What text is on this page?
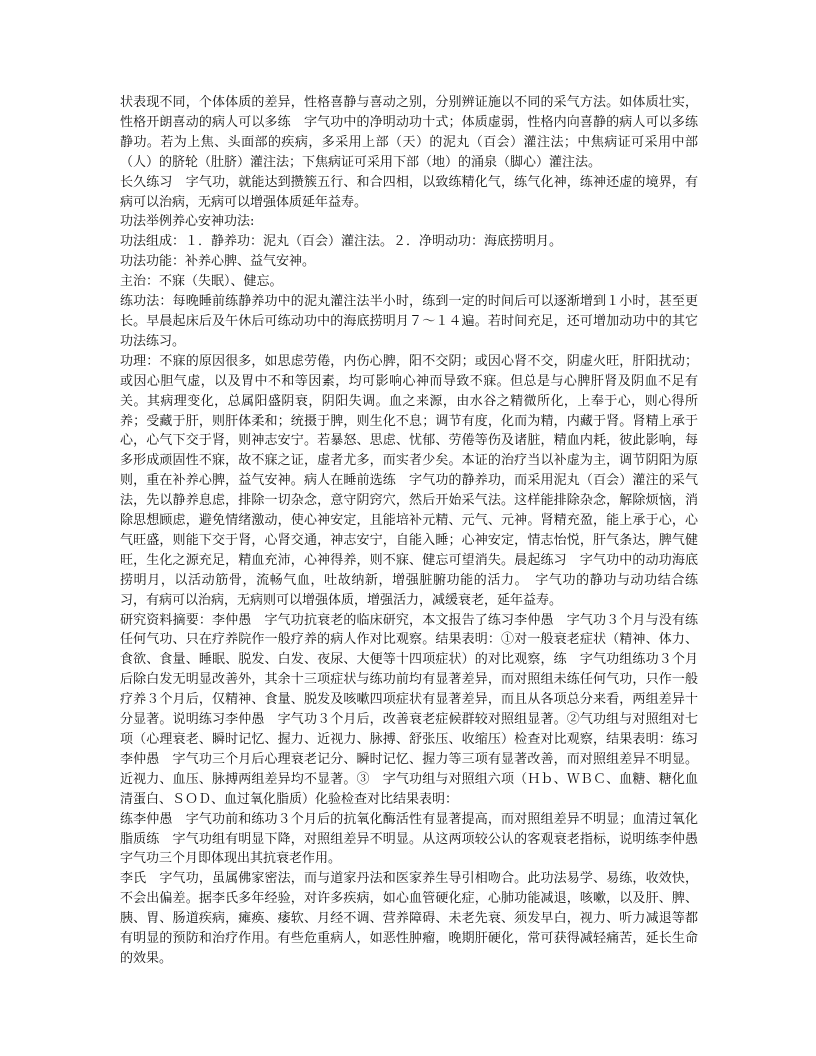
状表现不同，个体体质的差异，性格喜静与喜动之别，分别辨证施以不同的采气方法。如体质壮实，性格开朗喜动的病人可以多练　字气功中的净明动功十式；体质虚弱，性格内向喜静的病人可以多练静功。若为上焦、头面部的疾病，多采用上部（天）的泥丸（百会）灌注法；中焦病证可采用中部（人）的脐轮（肚脐）灌注法；下焦病证可采用下部（地）的涌泉（脚心）灌注法。

长久练习　字气功，就能达到攒簇五行、和合四相，以致练精化气，练气化神，练神还虚的境界，有病可以治病，无病可以增强体质延年益寿。

功法举例养心安神功法:

功法组成：１．静养功：泥丸（百会）灌注法。２．净明动功：海底捞明月。

功法功能：补养心脾、益气安神。

主治：不寐（失眠）、健忘。

练功法：每晚睡前练静养功中的泥丸灌注法半小时，练到一定的时间后可以逐渐增到１小时，甚至更长。早晨起床后及午休后可练动功中的海底捞明月７～１４遍。若时间充足，还可增加动功中的其它功法练习。

功理：不寐的原因很多，如思虑劳倦，内伤心脾，阳不交阴；或因心肾不交，阴虚火旺，肝阳扰动；或因心胆气虚，以及胃中不和等因素，均可影响心神而导致不寐。但总是与心脾肝肾及阴血不足有关。其病理变化，总属阳盛阴衰，阴阳失调。血之来源，由水谷之精微所化，上奉于心，则心得所养；受藏于肝，则肝体柔和；统摄于脾，则生化不息；调节有度，化而为精，内藏于肾。肾精上承于心，心气下交于肾，则神志安宁。若暴怒、思虑、忧郁、劳倦等伤及诸脏，精血内耗，彼此影响，每多形成顽固性不寐，故不寐之证，虚者尤多，而实者少矣。本证的治疗当以补虚为主，调节阴阳为原则，重在补养心脾，益气安神。病人在睡前选练　字气功的静养功，而采用泥丸（百会）灌注的采气法，先以静养息虑，排除一切杂念，意守阴窍穴，然后开始采气法。这样能排除杂念，解除烦恼，消除思想顾虑，避免情绪激动，使心神安定，且能培补元精、元气、元神。肾精充盈，能上承于心，心气旺盛，则能下交于肾，心肾交通，神志安宁，自能入睡；心神安定，情志怡悦，肝气条达，脾气健旺，生化之源充足，精血充沛，心神得养，则不寐、健忘可望消失。晨起练习　字气功中的动功海底捞明月，以活动筋骨，流畅气血，吐故纳新，增强脏腑功能的活力。　字气功的静功与动功结合练习，有病可以治病，无病则可以增强体质，增强活力，减缓衰老，延年益寿。

研究资料摘要：李仲愚　字气功抗衰老的临床研究，本文报告了练习李仲愚　字气功３个月与没有练任何气功、只在疗养院作一般疗养的病人作对比观察。结果表明：①对一般衰老症状（精神、体力、食欲、食量、睡眠、脱发、白发、夜尿、大便等十四项症状）的对比观察，练　字气功组练功３个月后除白发无明显改善外，其余十三项症状与练功前均有显著差异，而对照组未练任何气功，只作一般疗养３个月后，仅精神、食量、脱发及咳嗽四项症状有显著差异，而且从各项总分来看，两组差异十分显著。说明练习李仲愚　字气功３个月后，改善衰老症候群较对照组显著。②气功组与对照组对七项（心理衰老、瞬时记忆、握力、近视力、脉搏、舒张压、收缩压）检查对比观察，结果表明：练习李仲愚　字气功三个月后心理衰老记分、瞬时记忆、握力等三项有显著改善，而对照组差异不明显。近视力、血压、脉搏两组差异均不显著。③　字气功组与对照组六项（Ｈｂ、ＷＢＣ、血糖、糖化血清蛋白、ＳＯＤ、血过氧化脂质）化验检查对比结果表明：

练李仲愚　字气功前和练功３个月后的抗氧化酶活性有显著提高，而对照组差异不明显；血清过氧化脂质练　字气功组有明显下降，对照组差异不明显。从这两项较公认的客观衰老指标，说明练李仲愚　字气功三个月即体现出其抗衰老作用。

李氏　字气功，虽属佛家密法，而与道家丹法和医家养生导引相吻合。此功法易学、易练，收效快，不会出偏差。据李氏多年经验，对许多疾病，如心血管硬化症，心肺功能减退，咳嗽，以及肝、脾、胰、胃、肠道疾病，瘫痪、痿软、月经不调、营养障碍、未老先衰、须发早白，视力、听力减退等都有明显的预防和治疗作用。有些危重病人，如恶性肿瘤，晚期肝硬化，常可获得减轻痛苦，延长生命的效果。
